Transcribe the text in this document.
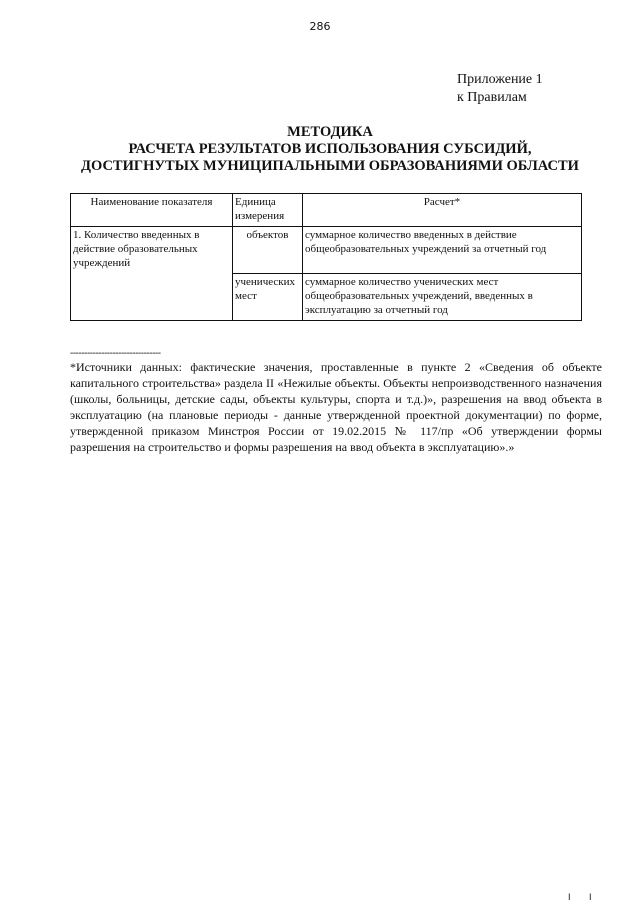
286
Приложение 1
к Правилам
МЕТОДИКА
РАСЧЕТА РЕЗУЛЬТАТОВ ИСПОЛЬЗОВАНИЯ СУБСИДИЙ,
ДОСТИГНУТЫХ МУНИЦИПАЛЬНЫМИ ОБРАЗОВАНИЯМИ ОБЛАСТИ
Наименование показателя	Единица измерения	Расчет*
1. Количество введенных в действие образовательных учреждений	объектов	суммарное количество введенных в действие общеобразовательных учреждений за отчетный год
	ученических мест	суммарное количество ученических мест общеобразовательных учреждений, введенных в эксплуатацию за отчетный год
--------------------------------
*Источники данных: фактические значения, проставленные в пункте 2 «Сведения об объекте капитального строительства» раздела II «Нежилые объекты. Объекты непроизводственного назначения (школы, больницы, детские сады, объекты культуры, спорта и т.д.)», разрешения на ввод объекта в эксплуатацию (на плановые периоды - данные утвержденной проектной документации) по форме, утвержденной приказом Минстроя России от 19.02.2015 № 117/пр «Об утверждении формы разрешения на строительство и формы разрешения на ввод объекта в эксплуатацию».»
I I
